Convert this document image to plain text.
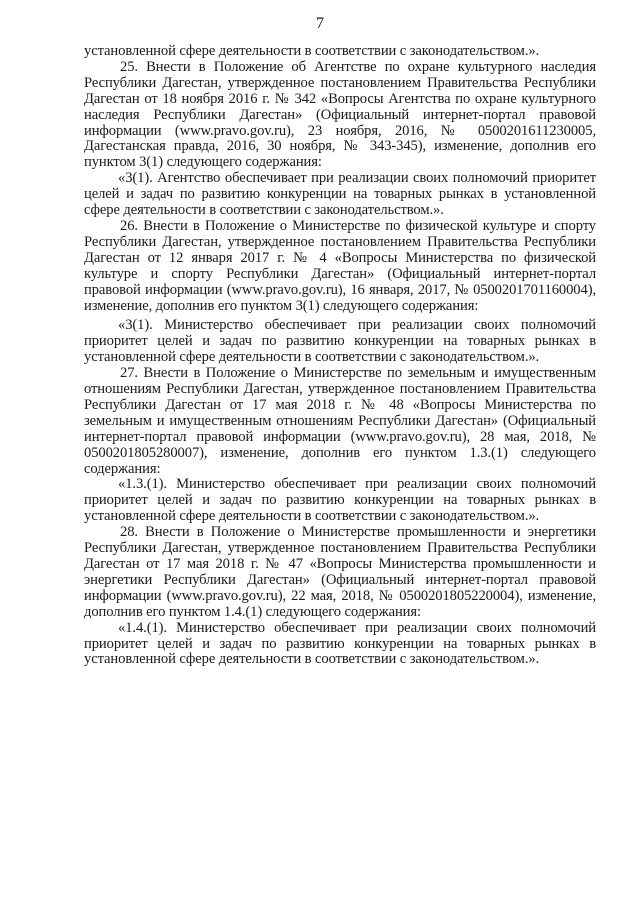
7

установленной сфере деятельности в соответствии с законодательством.».

25. Внести в Положение об Агентстве по охране культурного наследия Республики Дагестан, утвержденное постановлением Правительства Республики Дагестан от 18 ноября 2016 г. № 342 «Вопросы Агентства по охране культурного наследия Республики Дагестан» (Официальный интернет-портал правовой информации (www.pravo.gov.ru), 23 ноября, 2016, № 0500201611230005, Дагестанская правда, 2016, 30 ноября, № 343-345), изменение, дополнив его пунктом 3(1) следующего содержания:

«3(1). Агентство обеспечивает при реализации своих полномочий приоритет целей и задач по развитию конкуренции на товарных рынках в установленной сфере деятельности в соответствии с законодательством.».

26. Внести в Положение о Министерстве по физической культуре и спорту Республики Дагестан, утвержденное постановлением Правительства Республики Дагестан от 12 января 2017 г. № 4 «Вопросы Министерства по физической культуре и спорту Республики Дагестан» (Официальный интернет-портал правовой информации (www.pravo.gov.ru), 16 января, 2017, № 0500201701160004), изменение, дополнив его пунктом 3(1) следующего содержания:

«3(1). Министерство обеспечивает при реализации своих полномочий приоритет целей и задач по развитию конкуренции на товарных рынках в установленной сфере деятельности в соответствии с законодательством.».

27. Внести в Положение о Министерстве по земельным и имущественным отношениям Республики Дагестан, утвержденное постановлением Правительства Республики Дагестан от 17 мая 2018 г. № 48 «Вопросы Министерства по земельным и имущественным отношениям Республики Дагестан» (Официальный интернет-портал правовой информации (www.pravo.gov.ru), 28 мая, 2018, № 0500201805280007), изменение, дополнив его пунктом 1.3.(1) следующего содержания:

«1.3.(1). Министерство обеспечивает при реализации своих полномочий приоритет целей и задач по развитию конкуренции на товарных рынках в установленной сфере деятельности в соответствии с законодательством.».

28. Внести в Положение о Министерстве промышленности и энергетики Республики Дагестан, утвержденное постановлением Правительства Республики Дагестан от 17 мая 2018 г. № 47 «Вопросы Министерства промышленности и энергетики Республики Дагестан» (Официальный интернет-портал правовой информации (www.pravo.gov.ru), 22 мая, 2018, № 0500201805220004), изменение, дополнив его пунктом 1.4.(1) следующего содержания:

«1.4.(1). Министерство обеспечивает при реализации своих полномочий приоритет целей и задач по развитию конкуренции на товарных рынках в установленной сфере деятельности в соответствии с законодательством.».
